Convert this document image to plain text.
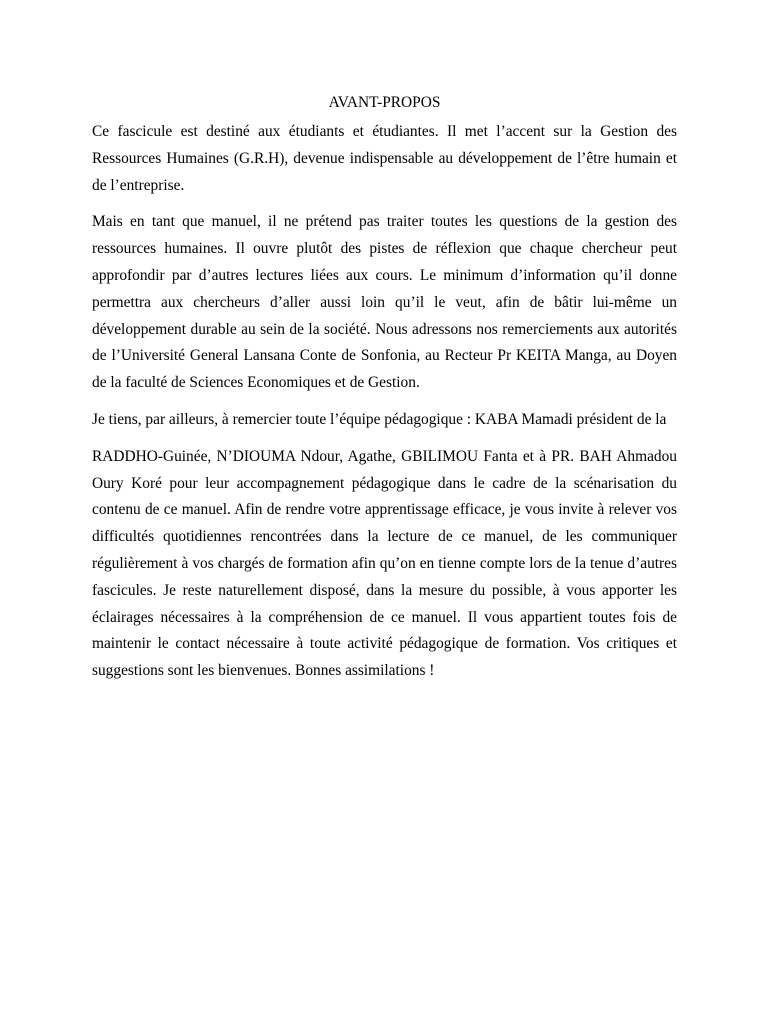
AVANT-PROPOS

Ce fascicule est destiné aux étudiants et étudiantes. Il met l’accent sur la Gestion des Ressources Humaines (G.R.H), devenue indispensable au développement de l’être humain et de l’entreprise.

Mais en tant que manuel, il ne prétend pas traiter toutes les questions de la gestion des ressources humaines. Il ouvre plutôt des pistes de réflexion que chaque chercheur peut approfondir par d’autres lectures liées aux cours. Le minimum d’information qu’il donne permettra aux chercheurs d’aller aussi loin qu’il le veut, afin de bâtir lui-même un développement durable au sein de la société. Nous adressons nos remerciements aux autorités de l’Université General Lansana Conte de Sonfonia, au Recteur Pr KEITA Manga, au Doyen de la faculté de Sciences Economiques et de Gestion.

Je tiens, par ailleurs, à remercier toute l’équipe pédagogique : KABA Mamadi président de la

RADDHO-Guinée, N’DIOUMA Ndour, Agathe, GBILIMOU Fanta et à PR. BAH Ahmadou Oury Koré pour leur accompagnement pédagogique dans le cadre de la scénarisation du contenu de ce manuel. Afin de rendre votre apprentissage efficace, je vous invite à relever vos difficultés quotidiennes rencontrées dans la lecture de ce manuel, de les communiquer régulièrement à vos chargés de formation afin qu’on en tienne compte lors de la tenue d’autres fascicules. Je reste naturellement disposé, dans la mesure du possible, à vous apporter les éclairages nécessaires à la compréhension de ce manuel. Il vous appartient toutes fois de maintenir le contact nécessaire à toute activité pédagogique de formation. Vos critiques et suggestions sont les bienvenues. Bonnes assimilations !
